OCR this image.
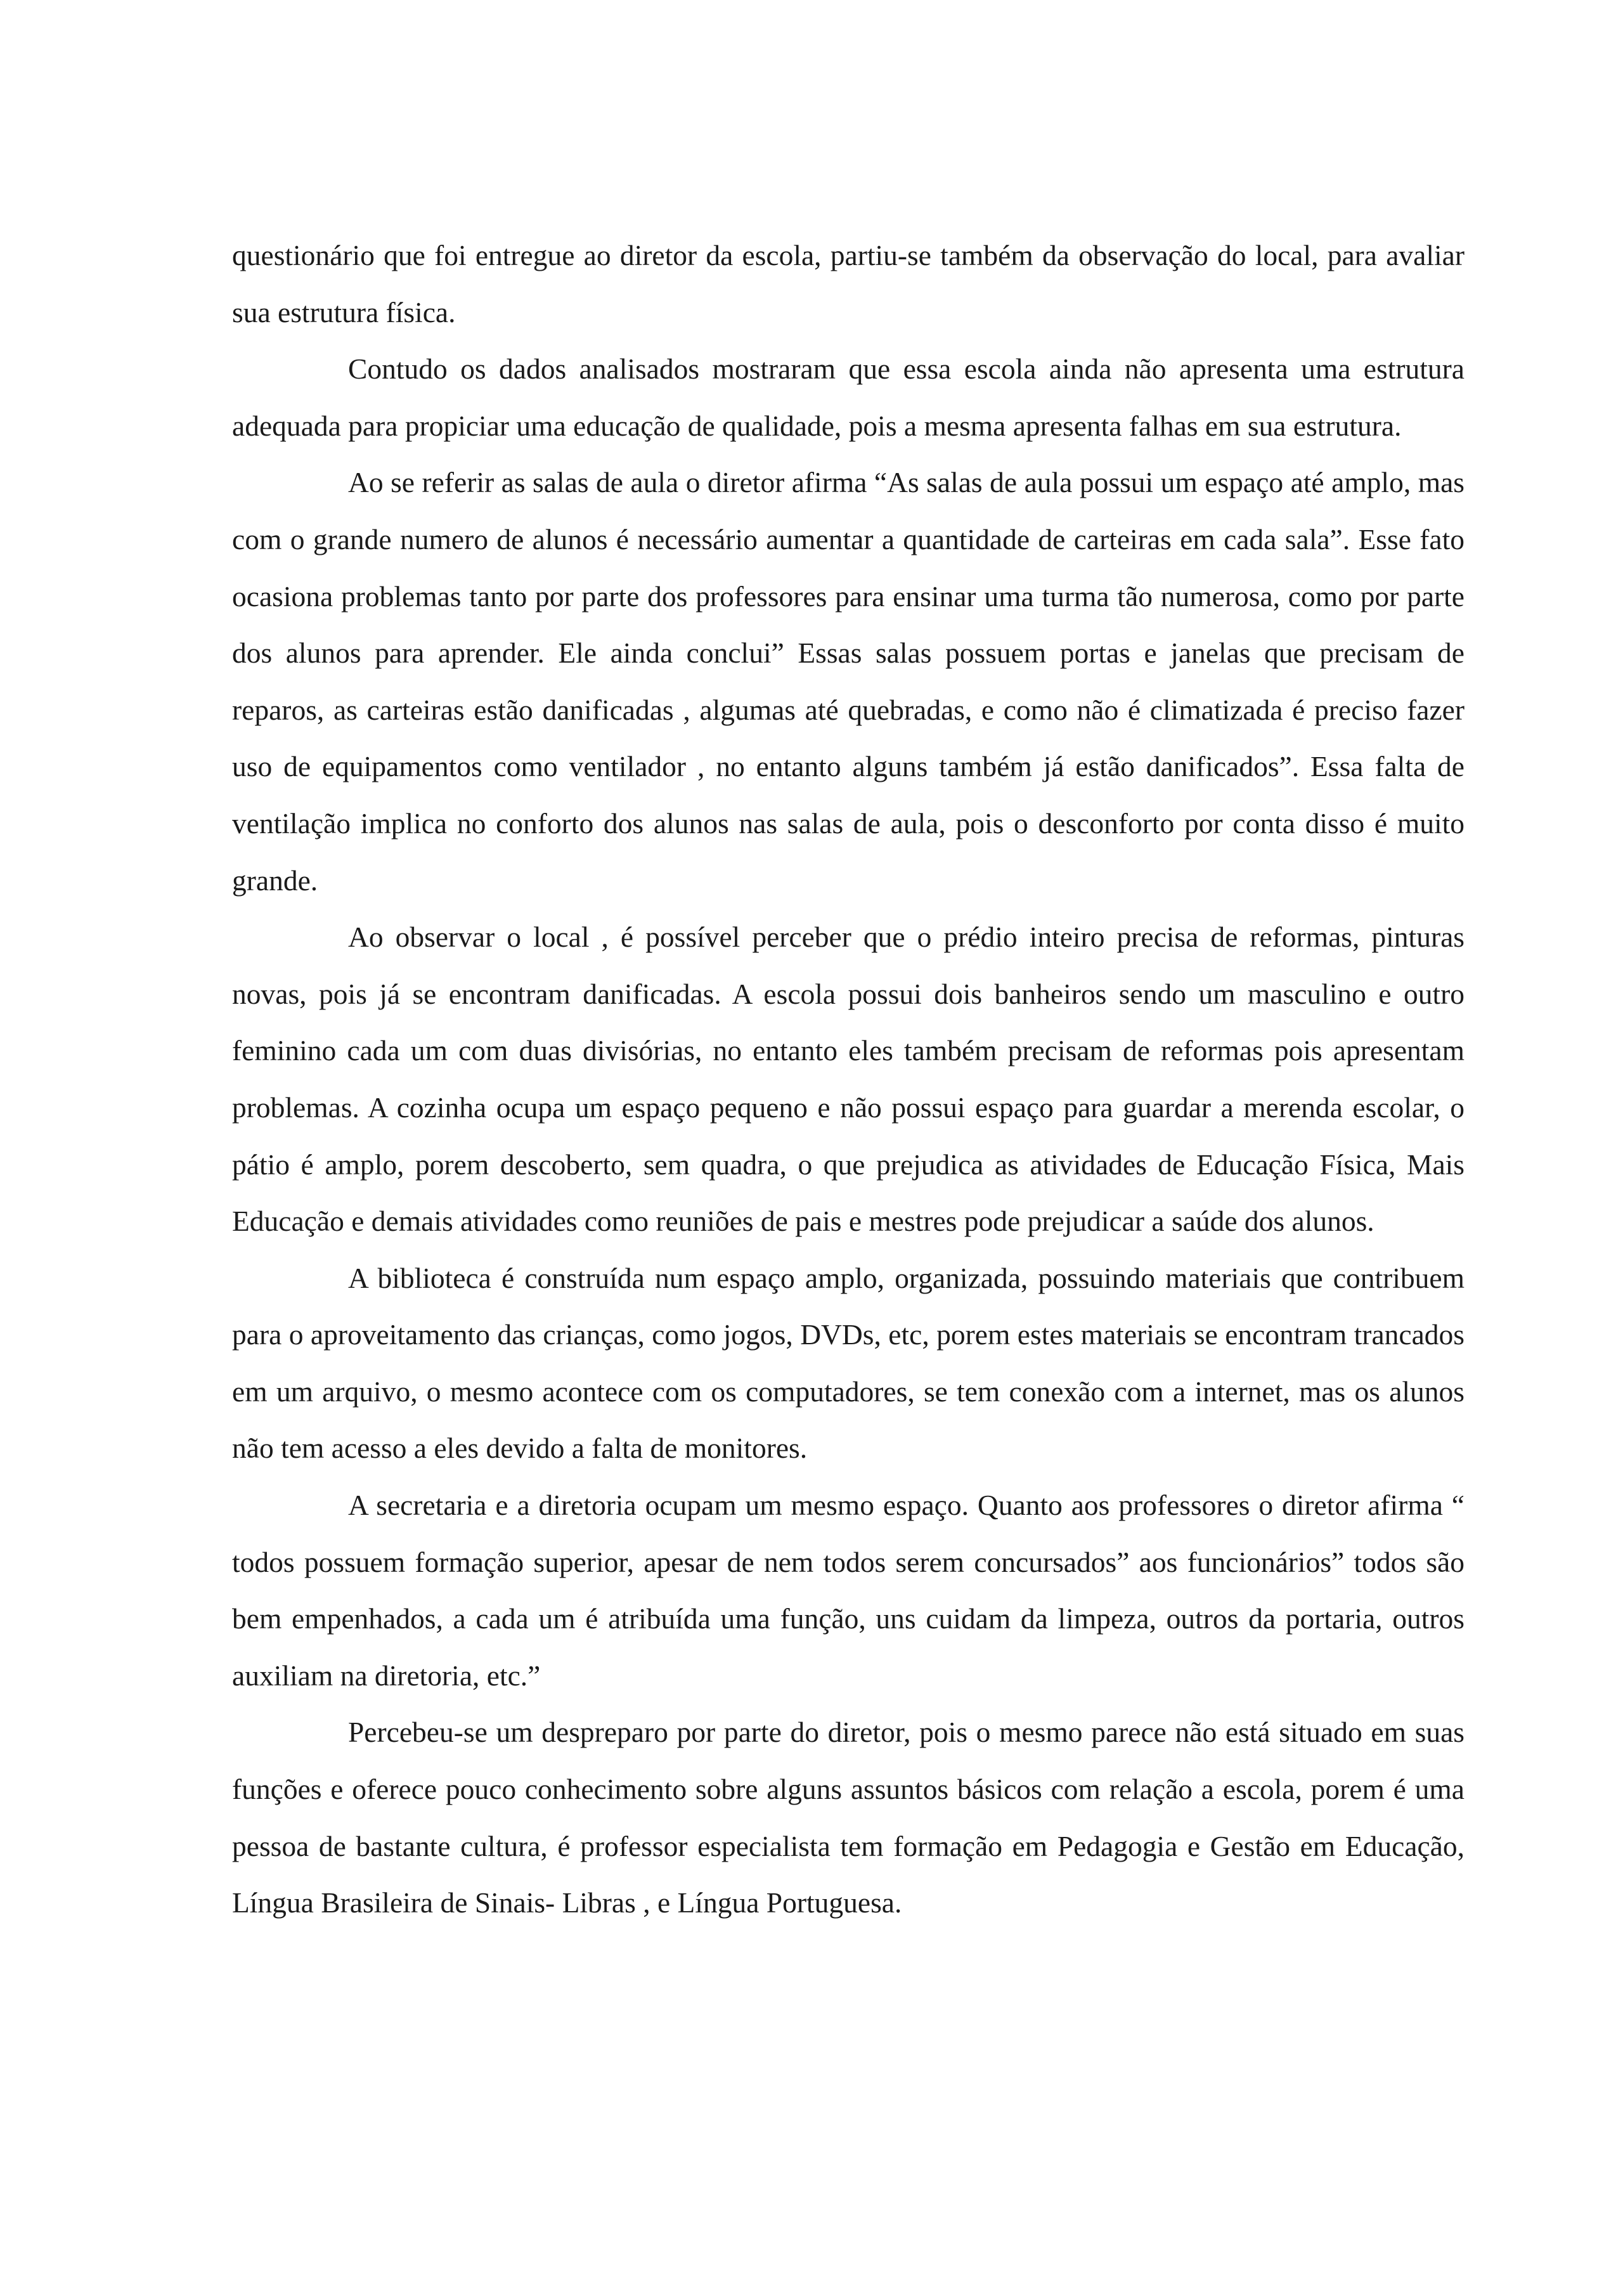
questionário que foi entregue ao diretor da escola, partiu-se também da observação do local, para avaliar sua estrutura física.

Contudo os dados analisados mostraram que essa escola ainda não apresenta uma estrutura adequada para propiciar uma educação de qualidade, pois a mesma apresenta falhas em sua estrutura.

Ao se referir as salas de aula o diretor afirma “As salas de aula possui um espaço até amplo, mas com o grande numero de alunos é necessário aumentar a quantidade de carteiras em cada sala”. Esse fato ocasiona problemas tanto por parte dos professores para ensinar uma turma tão numerosa, como por parte dos alunos para aprender. Ele ainda conclui” Essas salas possuem portas e janelas que precisam de reparos, as carteiras estão danificadas , algumas até quebradas, e como não é climatizada é preciso fazer uso de equipamentos como ventilador , no entanto alguns também já estão danificados”. Essa falta de ventilação implica no conforto dos alunos nas salas de aula, pois o desconforto por conta disso é muito grande.

Ao observar o local , é possível perceber que o prédio inteiro precisa de reformas, pinturas novas, pois já se encontram danificadas. A escola possui dois banheiros sendo um masculino e outro feminino cada um com duas divisórias, no entanto eles também precisam de reformas pois apresentam problemas. A cozinha ocupa um espaço pequeno e não possui espaço para guardar a merenda escolar, o pátio é amplo, porem descoberto, sem quadra, o que prejudica as atividades de Educação Física, Mais Educação e demais atividades como reuniões de pais e mestres pode prejudicar a saúde dos alunos.

A biblioteca é construída num espaço amplo, organizada, possuindo materiais que contribuem para o aproveitamento das crianças, como jogos, DVDs, etc, porem estes materiais se encontram trancados em um arquivo, o mesmo acontece com os computadores, se tem conexão com a internet, mas os alunos não tem acesso a eles devido a falta de monitores.

A secretaria e a diretoria ocupam um mesmo espaço. Quanto aos professores o diretor afirma “ todos possuem formação superior, apesar de nem todos serem concursados” aos funcionários” todos são bem empenhados, a cada um é atribuída uma função, uns cuidam da limpeza, outros da portaria, outros auxiliam na diretoria, etc.”

Percebeu-se um despreparo por parte do diretor, pois o mesmo parece não está situado em suas funções e oferece pouco conhecimento sobre alguns assuntos básicos com relação a escola, porem é uma pessoa de bastante cultura, é professor especialista tem formação em Pedagogia e Gestão em Educação, Língua Brasileira de Sinais- Libras , e Língua Portuguesa.
